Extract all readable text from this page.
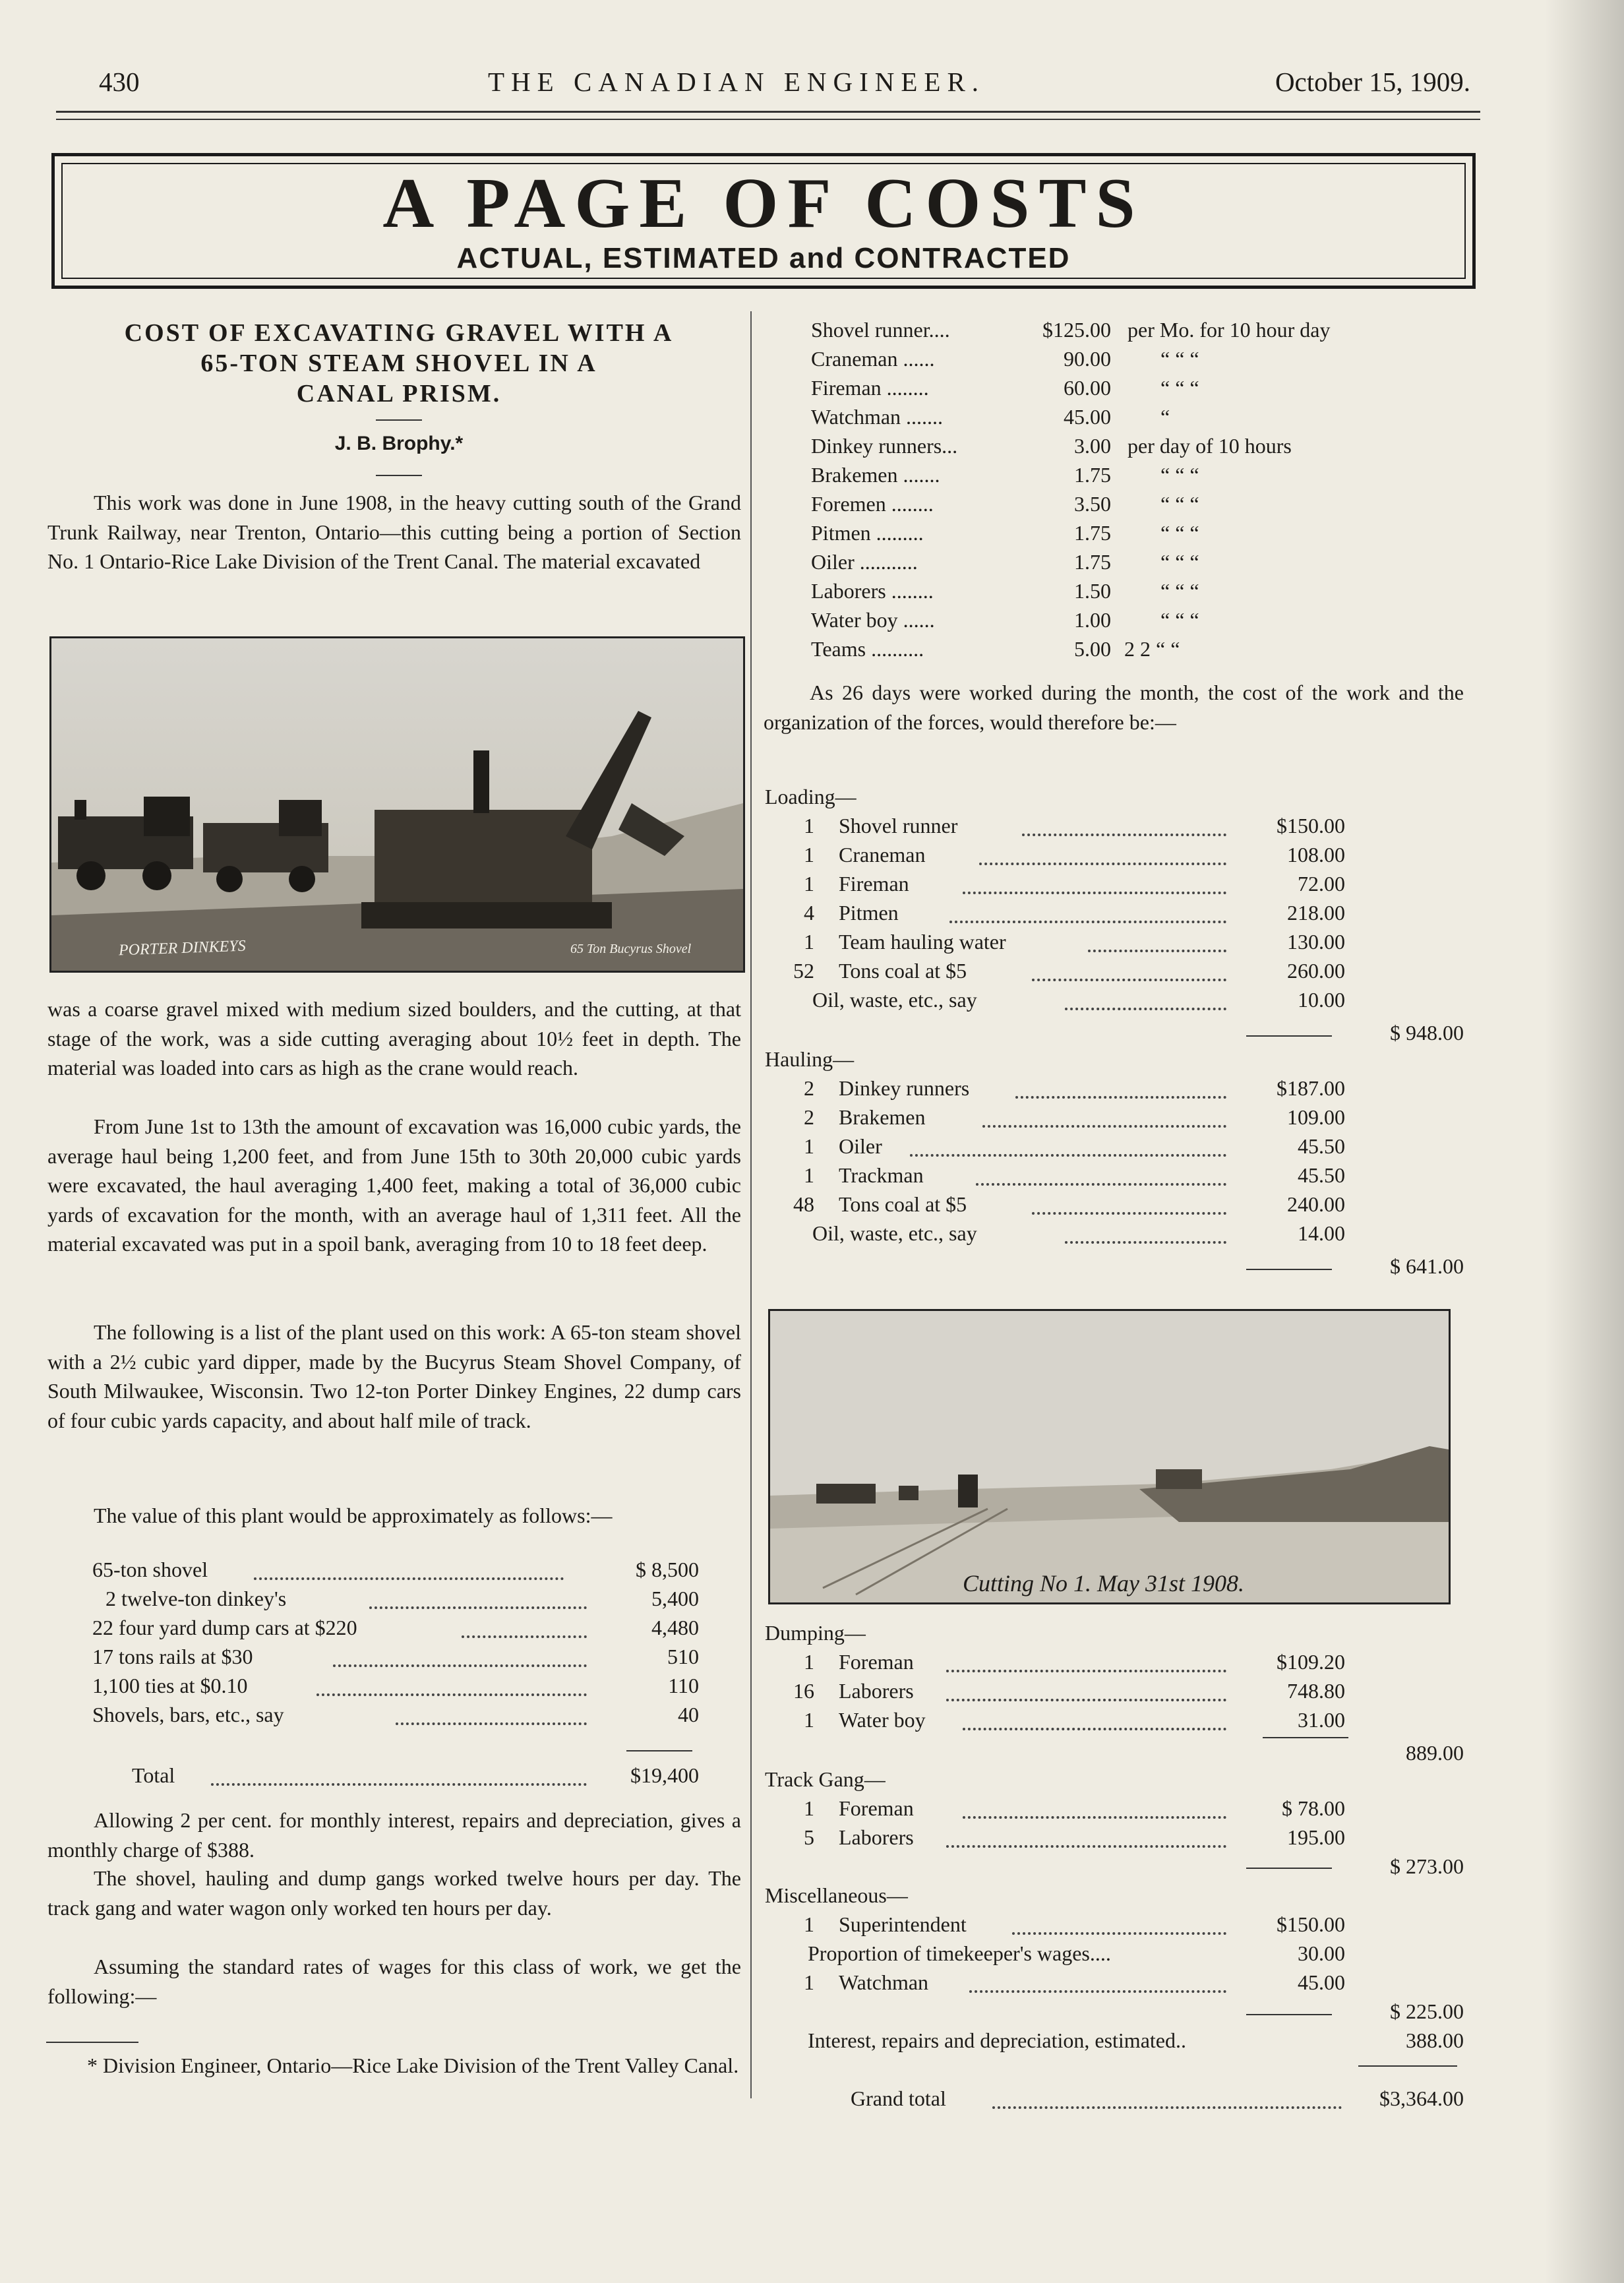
430	THE CANADIAN ENGINEER.	October 15, 1909.
A PAGE OF COSTS
ACTUAL, ESTIMATED and CONTRACTED
COST OF EXCAVATING GRAVEL WITH A
65-TON STEAM SHOVEL IN A
CANAL PRISM.
J. B. Brophy.*

This work was done in June 1908, in the heavy cutting south of the Grand Trunk Railway, near Trenton, Ontario—this cutting being a portion of Section No. 1 Ontario-Rice Lake Division of the Trent Canal. The material excavated

PORTER DINKEYS	65 Ton Bucyrus Shovel

was a coarse gravel mixed with medium sized boulders, and the cutting, at that stage of the work, was a side cutting averaging about 10½ feet in depth. The material was loaded into cars as high as the crane would reach.

From June 1st to 13th the amount of excavation was 16,000 cubic yards, the average haul being 1,200 feet, and from June 15th to 30th 20,000 cubic yards were excavated, the haul averaging 1,400 feet, making a total of 36,000 cubic yards of excavation for the month, with an average haul of 1,311 feet. All the material excavated was put in a spoil bank, averaging from 10 to 18 feet deep.

The following is a list of the plant used on this work: A 65-ton steam shovel with a 2½ cubic yard dipper, made by the Bucyrus Steam Shovel Company, of South Milwaukee, Wisconsin. Two 12-ton Porter Dinkey Engines, 22 dump cars of four cubic yards capacity, and about half mile of track.

The value of this plant would be approximately as follows:—

65-ton shovel	$ 8,500
2 twelve-ton dinkey's	5,400
22 four yard dump cars at $220	4,480
17 tons rails at $30	510
1,100 ties at $0.10	110
Shovels, bars, etc., say	40
Total	$19,400

Allowing 2 per cent. for monthly interest, repairs and depreciation, gives a monthly charge of $388.

The shovel, hauling and dump gangs worked twelve hours per day. The track gang and water wagon only worked ten hours per day.

Assuming the standard rates of wages for this class of work, we get the following:—

* Division Engineer, Ontario—Rice Lake Division of the Trent Valley Canal.

Shovel runner....	$125.00 per Mo. for 10 hour day
Craneman ......	90.00 “ “ “
Fireman ........	60.00 “ “ “
Watchman .......	45.00 “
Dinkey runners...	3.00 per day of 10 hours
Brakemen .......	1.75 “ “ “
Foremen ........	3.50 “ “ “
Pitmen .........	1.75 “ “ “
Oiler ...........	1.75 “ “ “
Laborers ........	1.50 “ “ “
Water boy ......	1.00 “ “ “
Teams ..........	5.00 2 2 “ “

As 26 days were worked during the month, the cost of the work and the organization of the forces, would therefore be:—

Loading—
1 Shovel runner	$150.00
1 Craneman	108.00
1 Fireman	72.00
4 Pitmen	218.00
1 Team hauling water	130.00
52 Tons coal at $5	260.00
Oil, waste, etc., say	10.00
$ 948.00
Hauling—
2 Dinkey runners	$187.00
2 Brakemen	109.00
1 Oiler	45.50
1 Trackman	45.50
48 Tons coal at $5	240.00
Oil, waste, etc., say	14.00
$ 641.00
Cutting No 1. May 31st 1908.
Dumping—
1 Foreman	$109.20
16 Laborers	748.80
1 Water boy	31.00
889.00
Track Gang—
1 Foreman	$ 78.00
5 Laborers	195.00
$ 273.00
Miscellaneous—
1 Superintendent	$150.00
Proportion of timekeeper's wages....	30.00
1 Watchman	45.00
$ 225.00
Interest, repairs and depreciation, estimated..	388.00
Grand total	$3,364.00
